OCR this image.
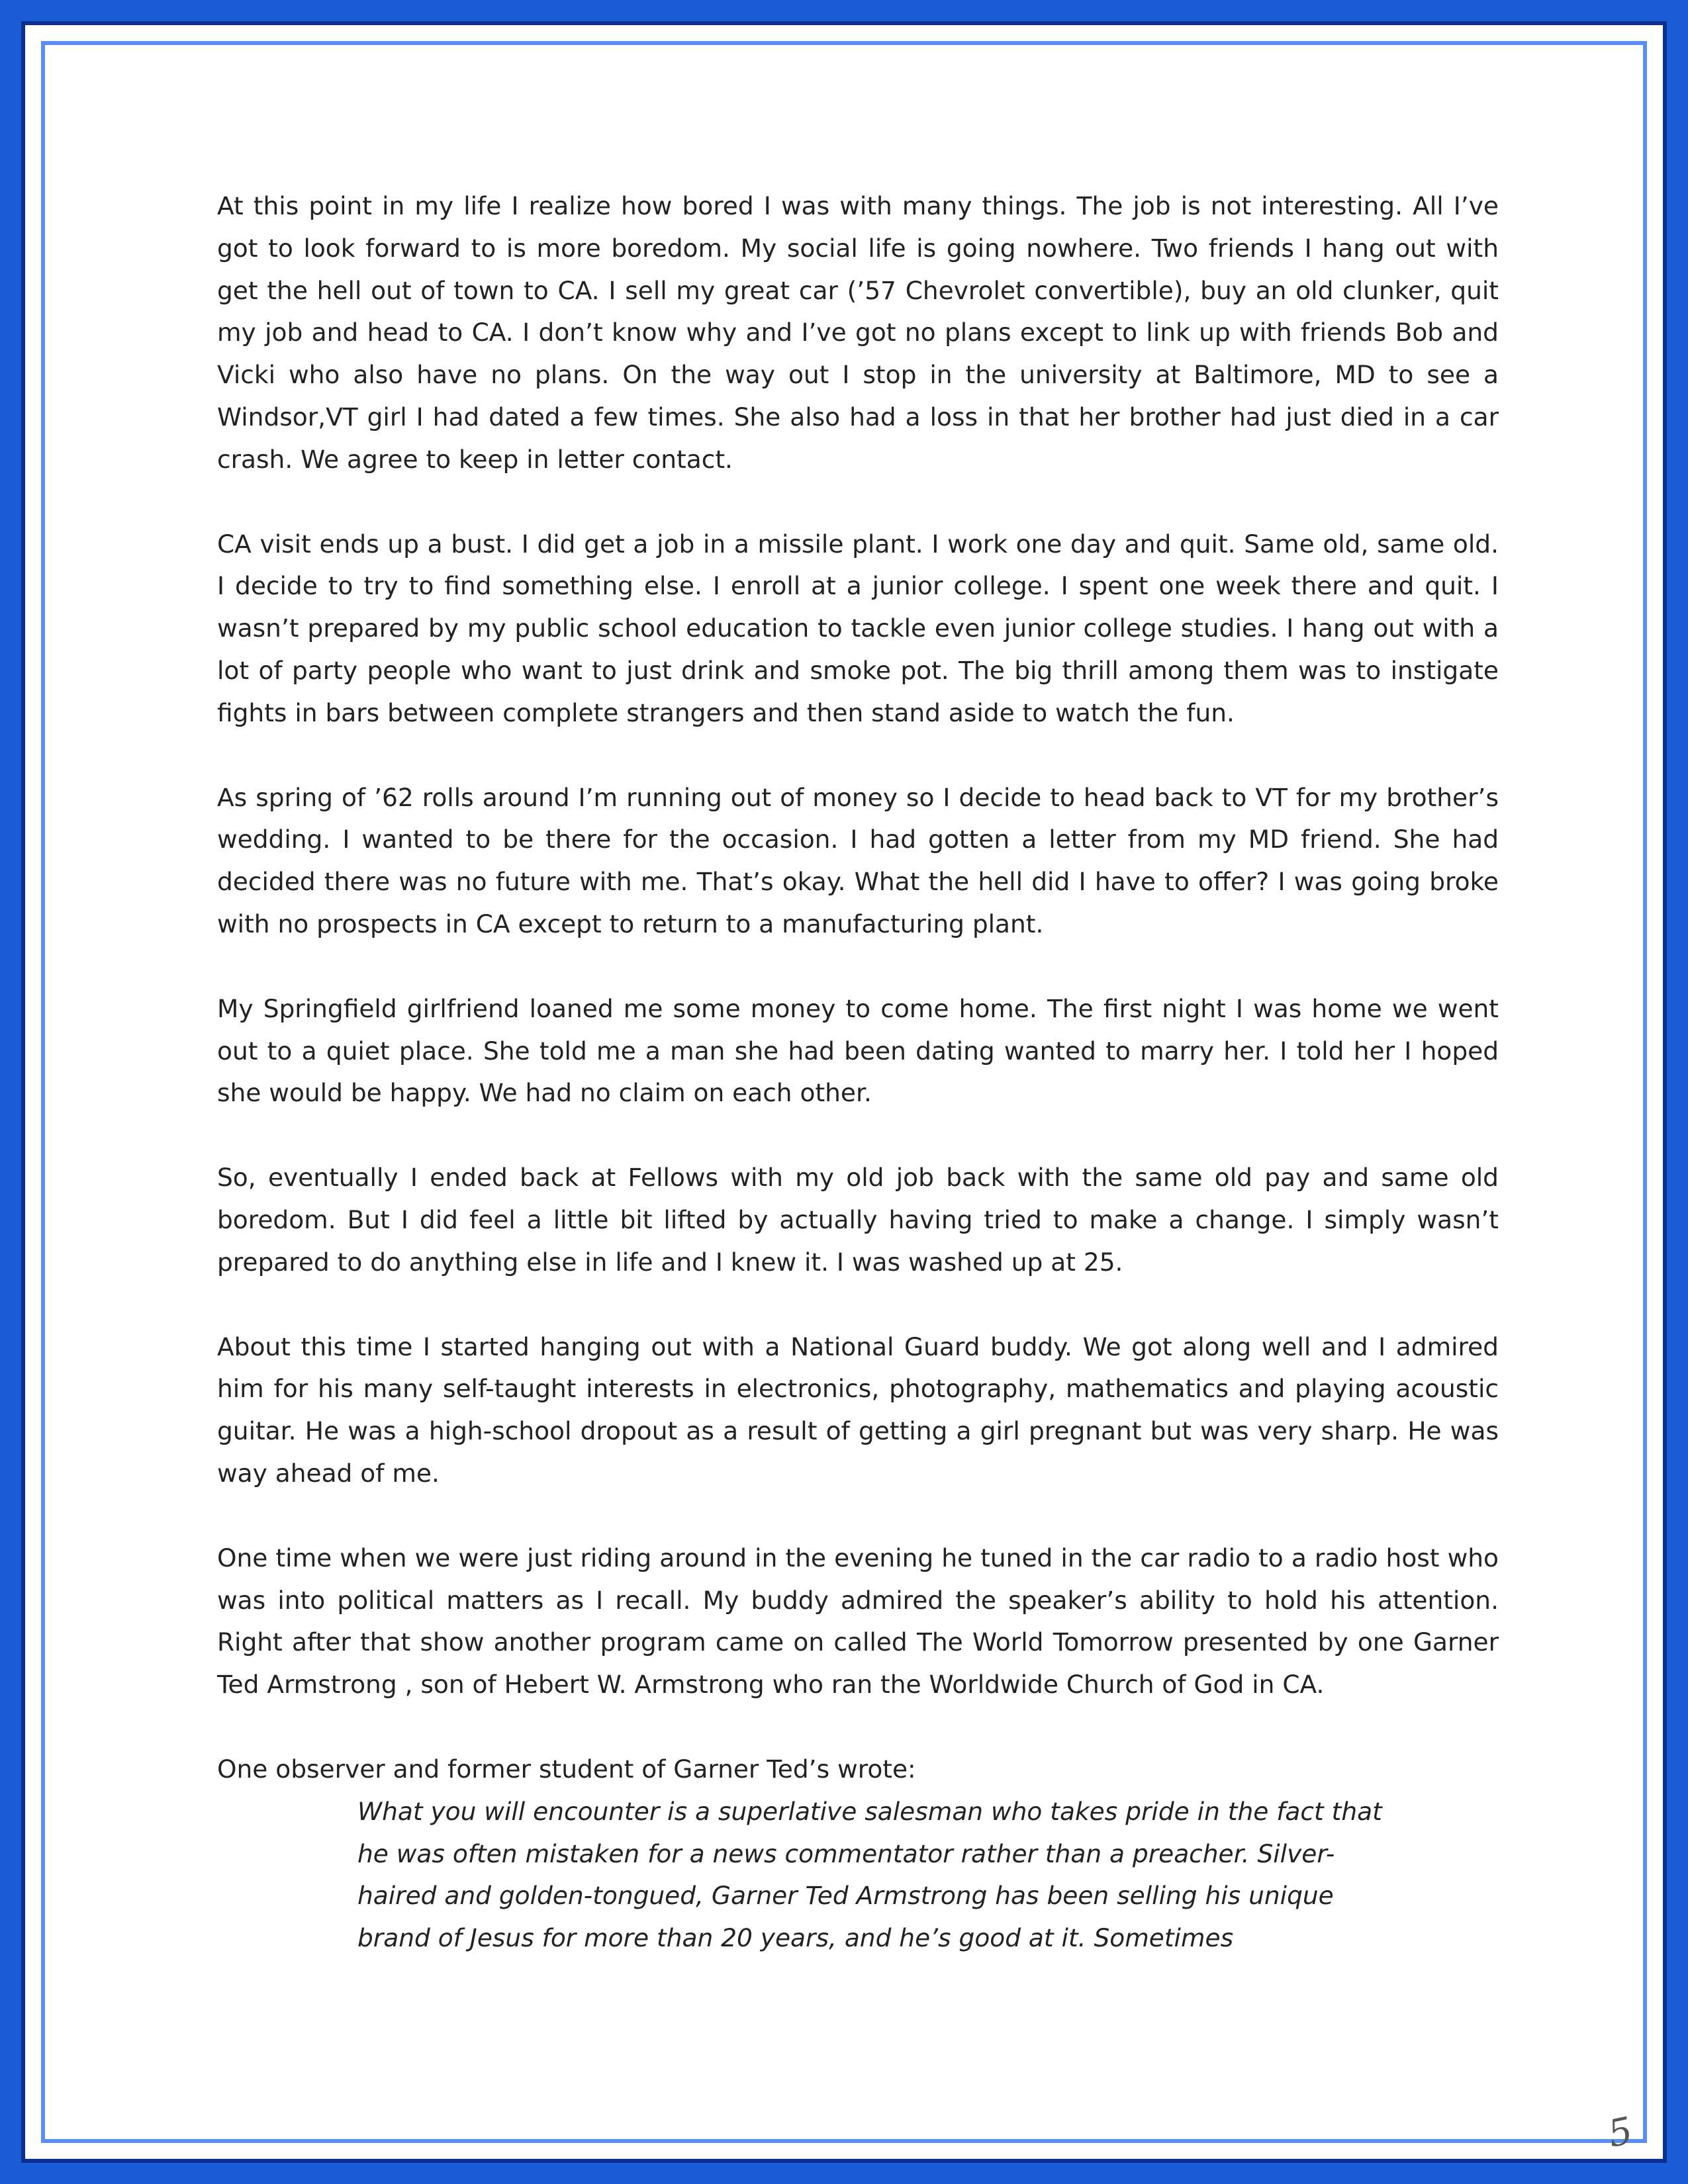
At this point in my life I realize how bored I was with many things. The job is not interesting. All I’ve got to look forward to is more boredom. My social life is going nowhere. Two friends I hang out with get the hell out of town to CA. I sell my great car (’57 Chevrolet convertible), buy an old clunker, quit my job and head to CA. I don’t know why and I’ve got no plans except to link up with friends Bob and Vicki who also have no plans. On the way out I stop in the university at Baltimore, MD to see a Windsor,VT girl I had dated a few times. She also had a loss in that her brother had just died in a car crash. We agree to keep in letter contact.

CA visit ends up a bust. I did get a job in a missile plant. I work one day and quit. Same old, same old. I decide to try to find something else. I enroll at a junior college. I spent one week there and quit. I wasn’t prepared by my public school education to tackle even junior college studies. I hang out with a lot of party people who want to just drink and smoke pot. The big thrill among them was to instigate fights in bars between complete strangers and then stand aside to watch the fun.

As spring of ’62 rolls around I’m running out of money so I decide to head back to VT for my brother’s wedding. I wanted to be there for the occasion. I had gotten a letter from my MD friend. She had decided there was no future with me. That’s okay. What the hell did I have to offer? I was going broke with no prospects in CA except to return to a manufacturing plant.

My Springfield girlfriend loaned me some money to come home. The first night I was home we went out to a quiet place. She told me a man she had been dating wanted to marry her. I told her I hoped she would be happy. We had no claim on each other.

So, eventually I ended back at Fellows with my old job back with the same old pay and same old boredom. But I did feel a little bit lifted by actually having tried to make a change. I simply wasn’t prepared to do anything else in life and I knew it. I was washed up at 25.

About this time I started hanging out with a National Guard buddy. We got along well and I admired him for his many self-taught interests in electronics, photography, mathematics and playing acoustic guitar. He was a high-school dropout as a result of getting a girl pregnant but was very sharp. He was way ahead of me.

One time when we were just riding around in the evening he tuned in the car radio to a radio host who was into political matters as I recall. My buddy admired the speaker’s ability to hold his attention. Right after that show another program came on called The World Tomorrow presented by one Garner Ted Armstrong , son of Hebert W. Armstrong who ran the Worldwide Church of God in CA.

One observer and former student of Garner Ted’s wrote:

What you will encounter is a superlative salesman who takes pride in the fact that he was often mistaken for a news commentator rather than a preacher. Silver-haired and golden-tongued, Garner Ted Armstrong has been selling his unique brand of Jesus for more than 20 years, and he’s good at it. Sometimes

5
